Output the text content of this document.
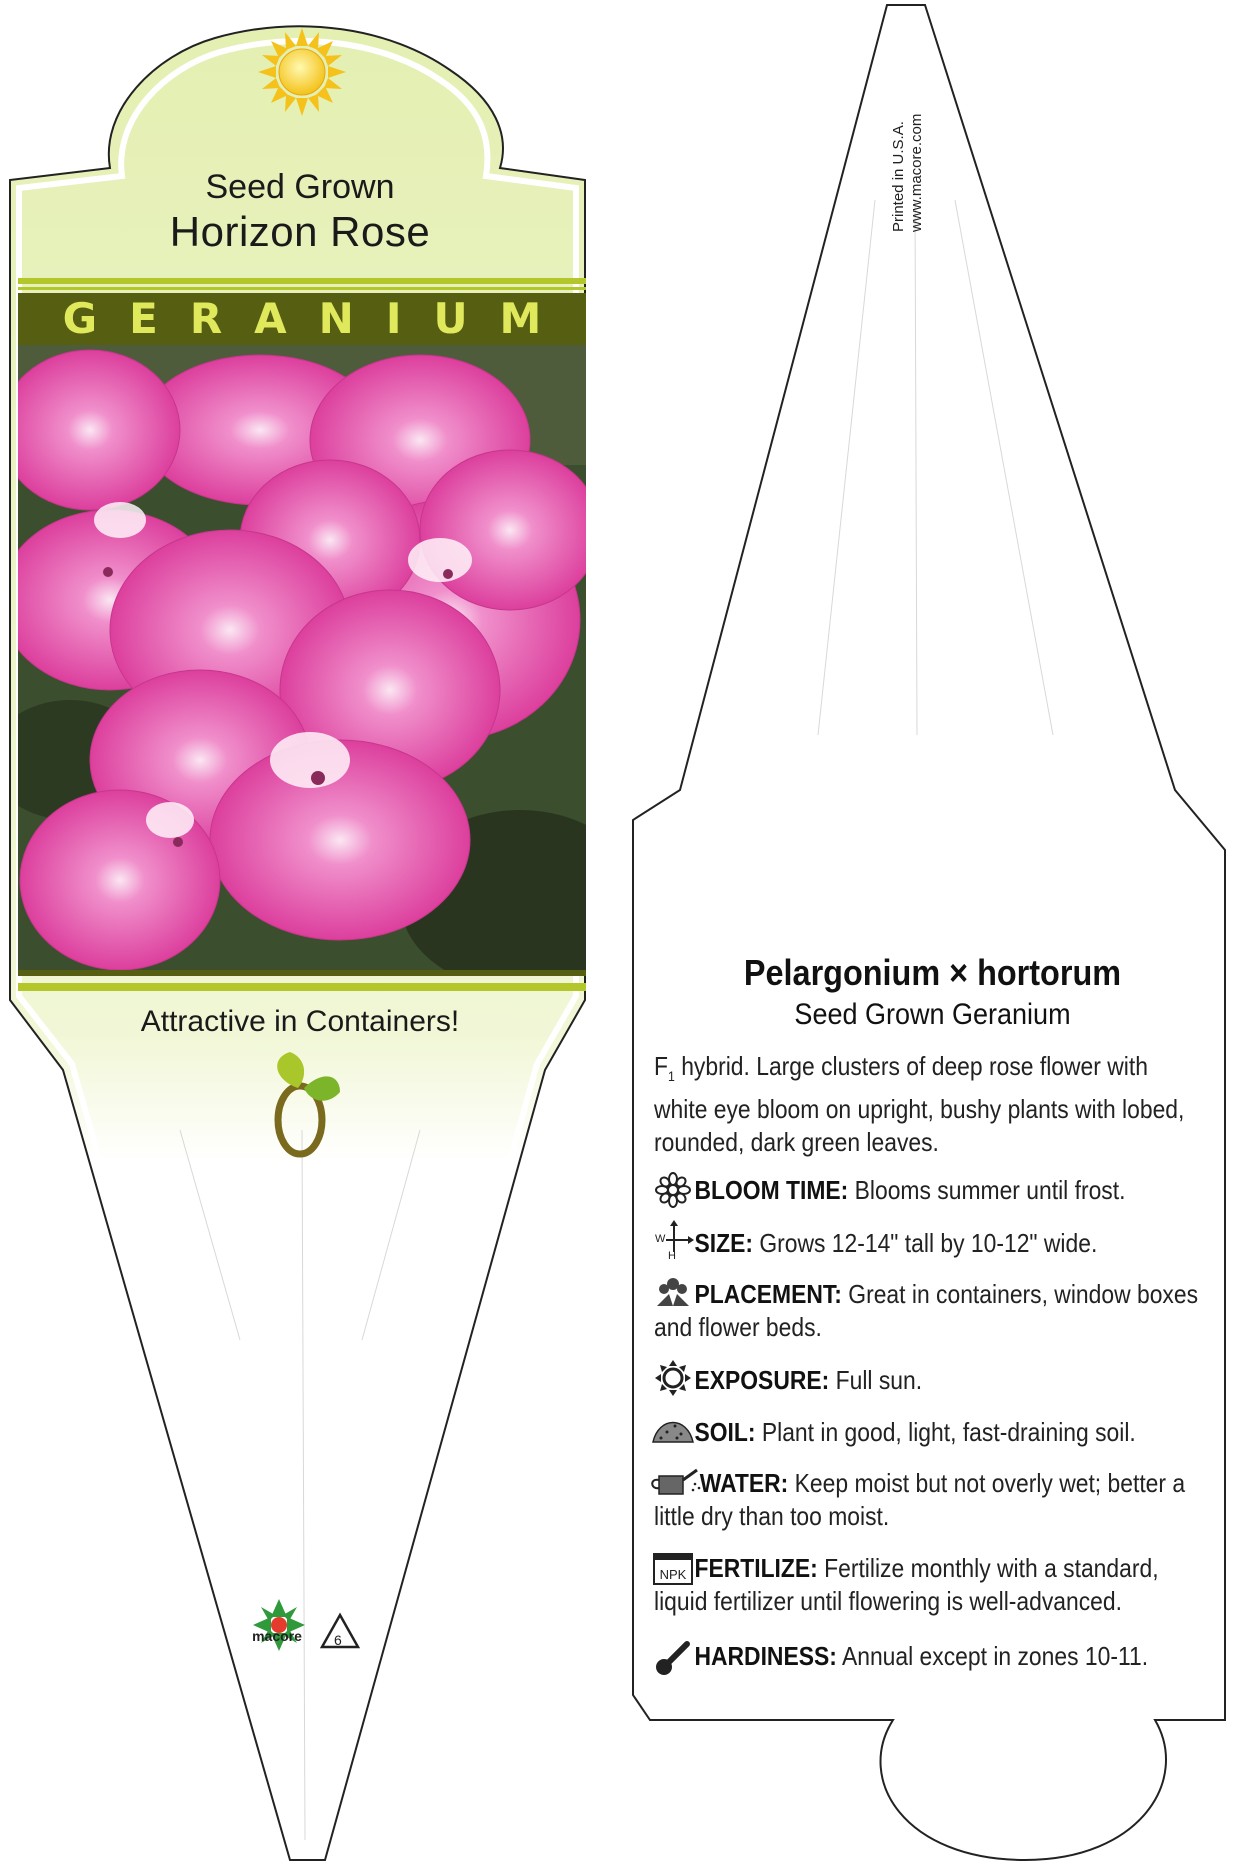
NPK
Seed Grown
Horizon Rose
GERANIUM
Attractive in Containers!
macore	6
Printed in U.S.A. www.macore.com
Pelargonium × hortorum
Seed Grown Geranium
$F_1$ hybrid. Large clusters of deep rose flower with white eye bloom on upright, bushy plants with lobed, rounded, dark green leaves.
BLOOM TIME: Blooms summer until frost.
W
H SIZE: Grows 12-14" tall by 10-12" wide.
PLACEMENT: Great in containers, window boxes and flower beds.
EXPOSURE: Full sun.
SOIL: Plant in good, light, fast-draining soil.
WATER: Keep moist but not overly wet; better a little dry than too moist.
FERTILIZE: Fertilize monthly with a standard, liquid fertilizer until flowering is well-advanced.
HARDINESS: Annual except in zones 10-11.
